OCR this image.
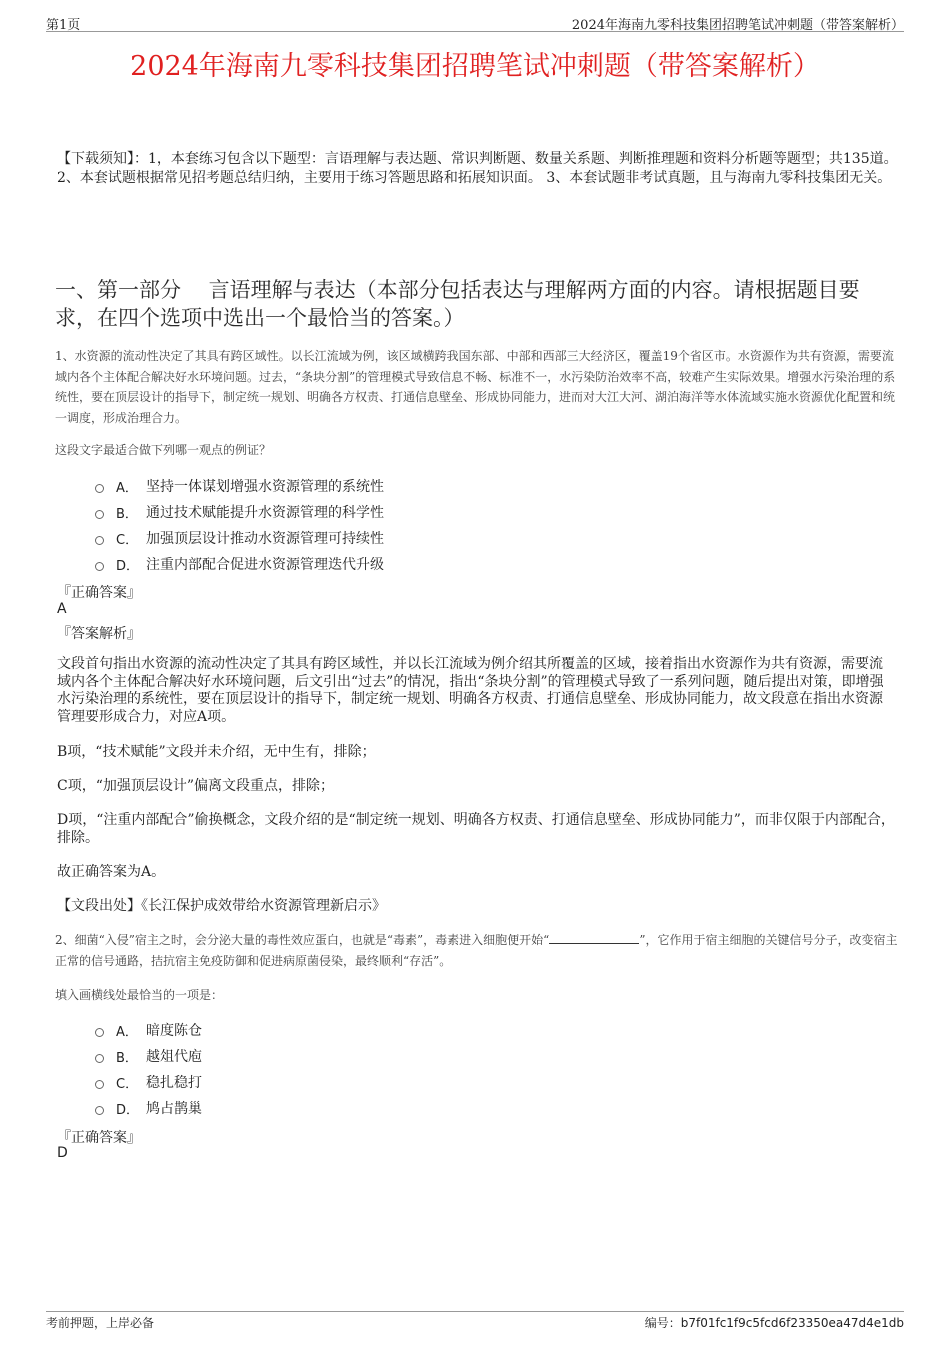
第1页	2024年海南九零科技集团招聘笔试冲刺题（带答案解析）
2024年海南九零科技集团招聘笔试冲刺题（带答案解析）
【下载须知】：1，本套练习包含以下题型：言语理解与表达题、常识判断题、数量关系题、判断推理题和资料分析题等题型；共135道。 2、本套试题根据常见招考题总结归纳，主要用于练习答题思路和拓展知识面。 3、本套试题非考试真题，且与海南九零科技集团无关。
一、第一部分　 言语理解与表达（本部分包括表达与理解两方面的内容。请根据题目要求，在四个选项中选出一个最恰当的答案。）
1、水资源的流动性决定了其具有跨区域性。以长江流域为例，该区域横跨我国东部、中部和西部三大经济区，覆盖19个省区市。水资源作为共有资源，需要流域内各个主体配合解决好水环境问题。过去，“条块分割”的管理模式导致信息不畅、标准不一，水污染防治效率不高，较难产生实际效果。增强水污染治理的系统性，要在顶层设计的指导下，制定统一规划、明确各方权责、打通信息壁垒、形成协同能力，进而对大江大河、湖泊海洋等水体流域实施水资源优化配置和统一调度，形成治理合力。
这段文字最适合做下列哪一观点的例证？
A． 坚持一体谋划增强水资源管理的系统性
B． 通过技术赋能提升水资源管理的科学性
C． 加强顶层设计推动水资源管理可持续性
D． 注重内部配合促进水资源管理迭代升级
『正确答案』
A
『答案解析』
文段首句指出水资源的流动性决定了其具有跨区域性，并以长江流域为例介绍其所覆盖的区域，接着指出水资源作为共有资源，需要流域内各个主体配合解决好水环境问题，后文引出“过去”的情况，指出“条块分割”的管理模式导致了一系列问题，随后提出对策，即增强水污染治理的系统性，要在顶层设计的指导下，制定统一规划、明确各方权责、打通信息壁垒、形成协同能力，故文段意在指出水资源管理要形成合力，对应A项。
B项，“技术赋能”文段并未介绍，无中生有，排除；
C项，“加强顶层设计”偏离文段重点，排除；
D项，“注重内部配合”偷换概念，文段介绍的是“制定统一规划、明确各方权责、打通信息壁垒、形成协同能力”，而非仅限于内部配合，排除。
故正确答案为A。
【文段出处】《长江保护成效带给水资源管理新启示》
2、细菌“入侵”宿主之时，会分泌大量的毒性效应蛋白，也就是“毒素”，毒素进入细胞便开始“	”，它作用于宿主细胞的关键信号分子，改变宿主正常的信号通路，拮抗宿主免疫防御和促进病原菌侵染，最终顺利“存活”。
填入画横线处最恰当的一项是：
A． 暗度陈仓
B． 越俎代庖
C． 稳扎稳打
D． 鸠占鹊巢
『正确答案』
D
考前押题，上岸必备	编号：b7f01fc1f9c5fcd6f23350ea47d4e1db
